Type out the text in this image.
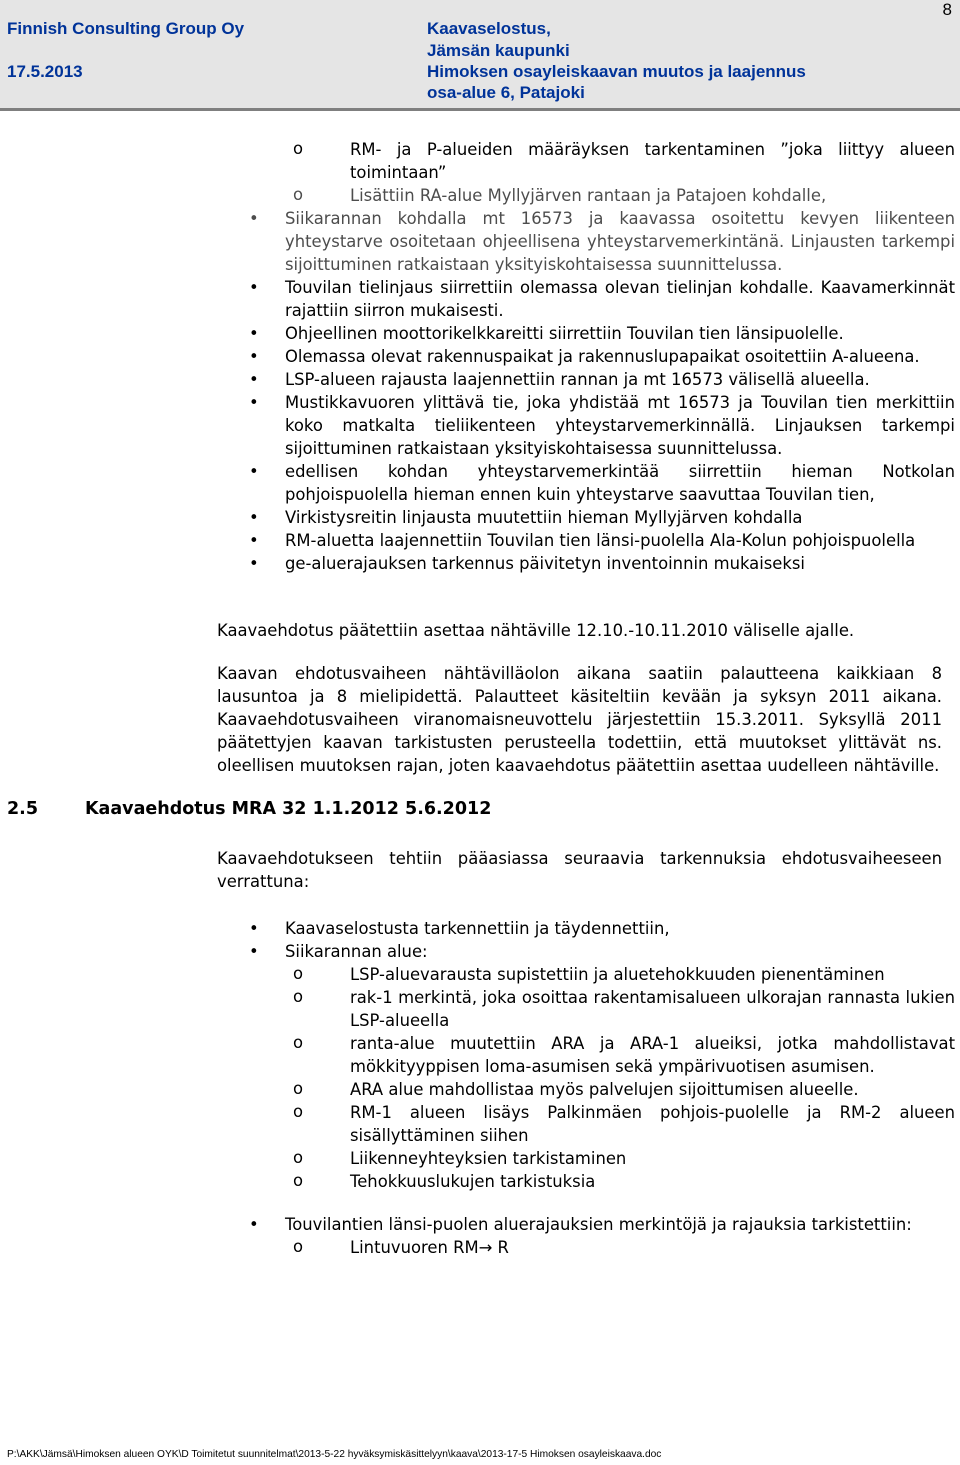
Finnish Consulting Group Oy
17.5.2013
Kaavaselostus,
Jämsän kaupunki
Himoksen osayleiskaavan muutos ja laajennus
osa-alue 6, Patajoki
8
o RM- ja P-alueiden määräyksen tarkentaminen ”joka liittyy alueen toimintaan”
o Lisättiin RA-alue Myllyjärven rantaan ja Patajoen kohdalle,
• Siikarannan kohdalla mt 16573 ja kaavassa osoitettu kevyen liikenteen yhteystarve osoitetaan ohjeellisena yhteystarvemerkintänä. Linjausten tarkempi sijoittuminen ratkaistaan yksityiskohtaisessa suunnittelussa.
• Touvilan tielinjaus siirrettiin olemassa olevan tielinjan kohdalle. Kaavamerkinnät rajattiin siirron mukaisesti.
• Ohjeellinen moottorikelkkareitti siirrettiin Touvilan tien länsipuolelle.
• Olemassa olevat rakennuspaikat ja rakennuslupapaikat osoitettiin A-alueena.
• LSP-alueen rajausta laajennettiin rannan ja mt 16573 välisellä alueella.
• Mustikkavuoren ylittävä tie, joka yhdistää mt 16573 ja Touvilan tien merkittiin koko matkalta tieliikenteen yhteystarvemerkinnällä. Linjauksen tarkempi sijoittuminen ratkaistaan yksityiskohtaisessa suunnittelussa.
• edellisen kohdan yhteystarvemerkintää siirrettiin hieman Notkolan pohjoispuolella hieman ennen kuin yhteystarve saavuttaa Touvilan tien,
• Virkistysreitin linjausta muutettiin hieman Myllyjärven kohdalla
• RM-aluetta laajennettiin Touvilan tien länsi-puolella Ala-Kolun pohjoispuolella
• ge-aluerajauksen tarkennus päivitetyn inventoinnin mukaiseksi

Kaavaehdotus päätettiin asettaa nähtäville 12.10.-10.11.2010 väliselle ajalle.

Kaavan ehdotusvaiheen nähtävilläolon aikana saatiin palautteena kaikkiaan 8 lausuntoa ja 8 mielipidettä. Palautteet käsiteltiin kevään ja syksyn 2011 aikana. Kaavaehdotusvaiheen viranomaisneuvottelu järjestettiin 15.3.2011. Syksyllä 2011 päätettyjen kaavan tarkistusten perusteella todettiin, että muutokset ylittävät ns. oleellisen muutoksen rajan, joten kaavaehdotus päätettiin asettaa uudelleen nähtäville.

2.5	Kaavaehdotus MRA 32 1.1.2012 5.6.2012

Kaavaehdotukseen tehtiin pääasiassa seuraavia tarkennuksia ehdotusvaiheeseen verrattuna:

• Kaavaselostusta tarkennettiin ja täydennettiin,
• Siikarannan alue:
o LSP-aluevarausta supistettiin ja aluetehokkuuden pienentäminen
o rak-1 merkintä, joka osoittaa rakentamisalueen ulkorajan rannasta lukien LSP-alueella
o ranta-alue muutettiin ARA ja ARA-1 alueiksi, jotka mahdollistavat mökkityyppisen loma-asumisen sekä ympärivuotisen asumisen.
o ARA alue mahdollistaa myös palvelujen sijoittumisen alueelle.
o RM-1 alueen lisäys Palkinmäen pohjois-puolelle ja RM-2 alueen sisällyttäminen siihen
o Liikenneyhteyksien tarkistaminen
o Tehokkuuslukujen tarkistuksia
• Touvilantien länsi-puolen aluerajauksien merkintöjä ja rajauksia tarkistettiin:
o Lintuvuoren RM→ R
P:\AKK\Jämsä\Himoksen alueen OYK\D Toimitetut suunnitelmat\2013-5-22 hyväksymiskäsittelyyn\kaava\2013-17-5 Himoksen osayleiskaava.doc
